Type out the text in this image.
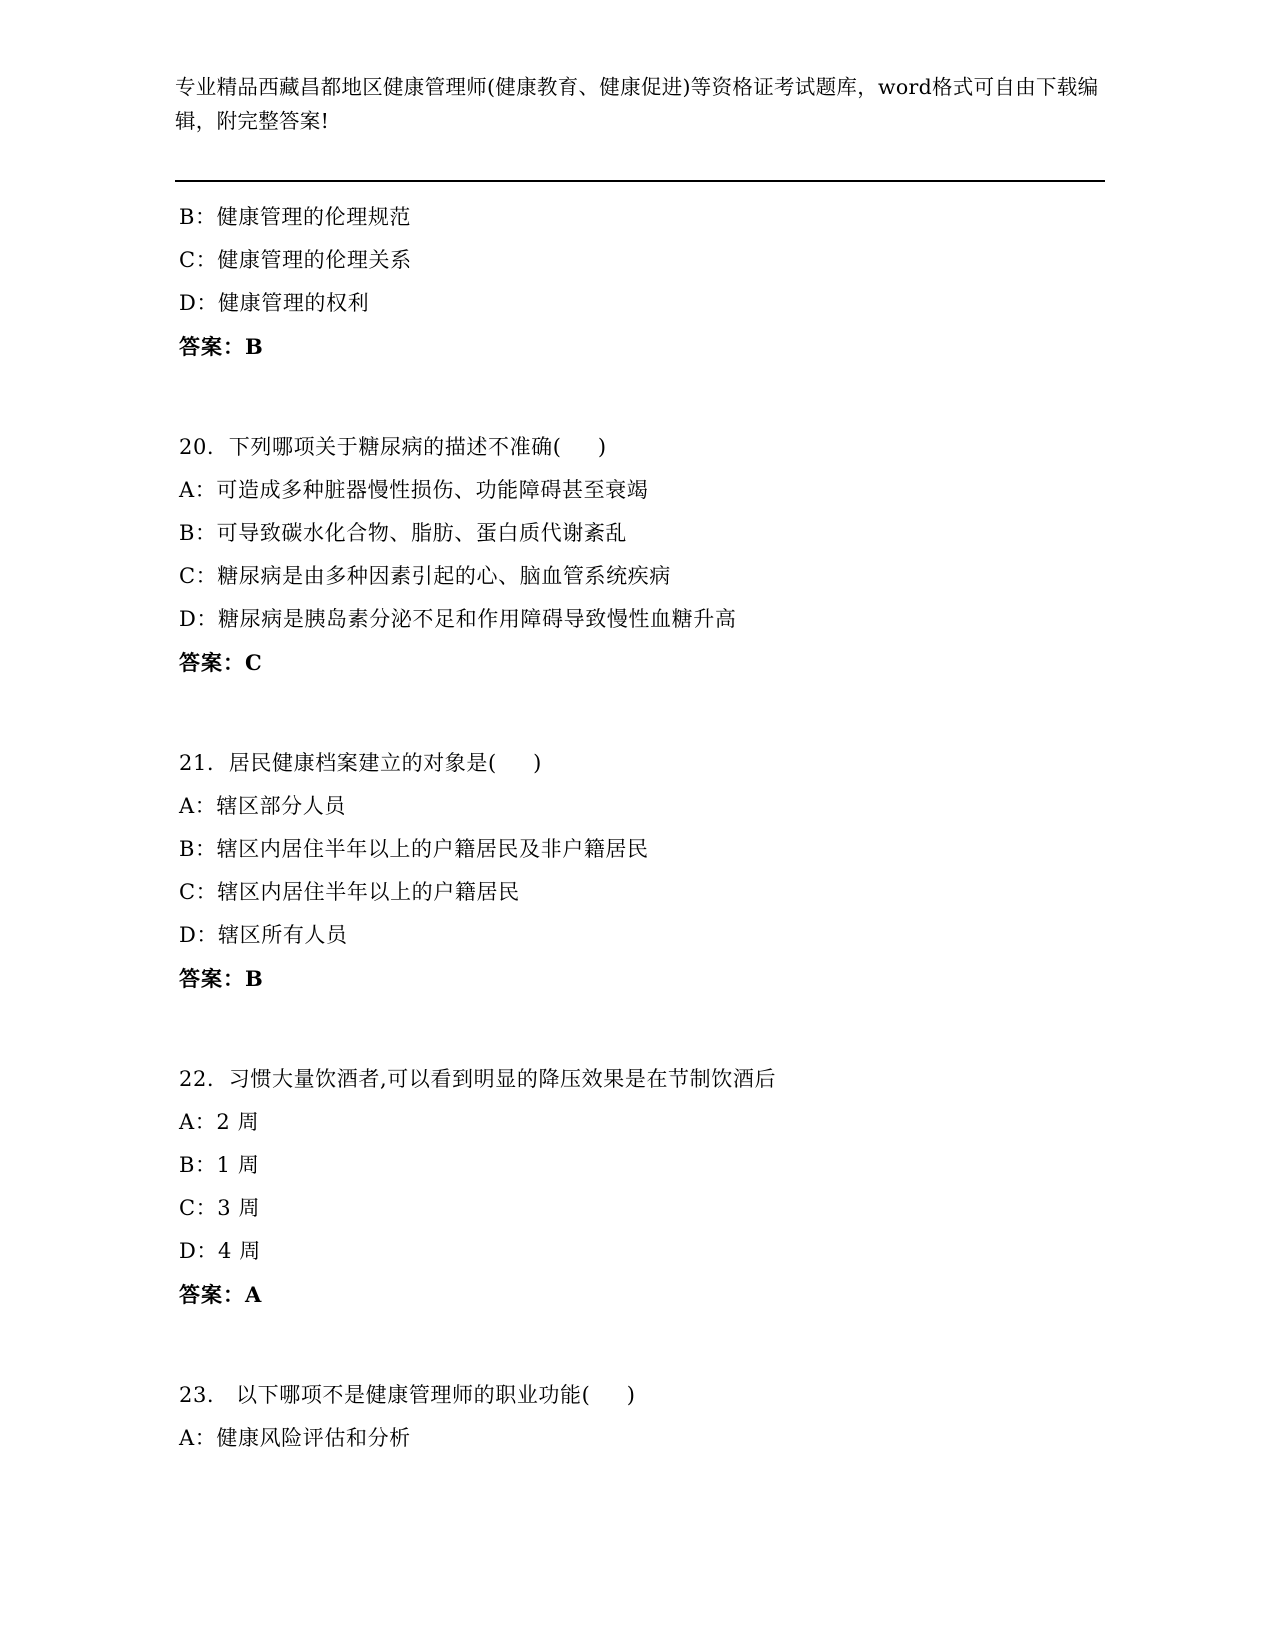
专业精品西藏昌都地区健康管理师(健康教育、健康促进)等资格证考试题库，word格式可自由下载编辑，附完整答案!
B：健康管理的伦理规范
C：健康管理的伦理关系
D：健康管理的权利
答案：B
20. 下列哪项关于糖尿病的描述不准确(     )
A：可造成多种脏器慢性损伤、功能障碍甚至衰竭
B：可导致碳水化合物、脂肪、蛋白质代谢紊乱
C：糖尿病是由多种因素引起的心、脑血管系统疾病
D：糖尿病是胰岛素分泌不足和作用障碍导致慢性血糖升高
答案：C
21. 居民健康档案建立的对象是(     )
A：辖区部分人员
B：辖区内居住半年以上的户籍居民及非户籍居民
C：辖区内居住半年以上的户籍居民
D：辖区所有人员
答案：B
22. 习惯大量饮酒者,可以看到明显的降压效果是在节制饮酒后
A：2 周
B：1 周
C：3 周
D：4 周
答案：A
23. 以下哪项不是健康管理师的职业功能(     )
A：健康风险评估和分析
